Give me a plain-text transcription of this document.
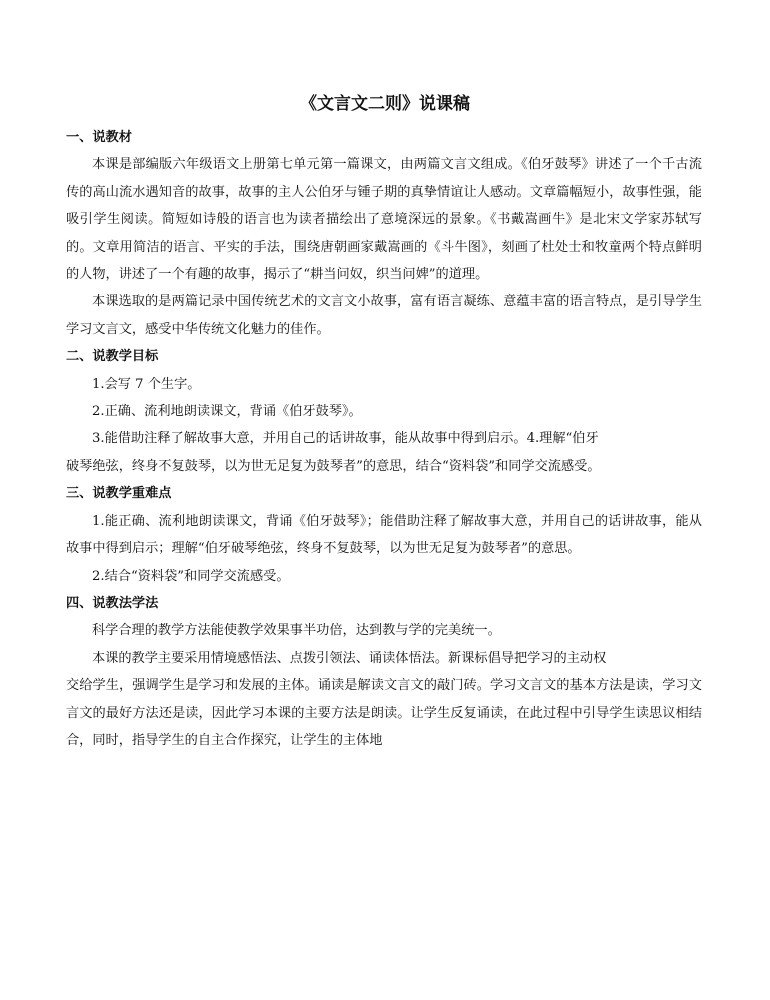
《文言文二则》说课稿

一、说教材

本课是部编版六年级语文上册第七单元第一篇课文，由两篇文言文组成。《伯牙鼓琴》讲述了一个千古流传的高山流水遇知音的故事，故事的主人公伯牙与锺子期的真挚情谊让人感动。文章篇幅短小，故事性强，能吸引学生阅读。简短如诗般的语言也为读者描绘出了意境深远的景象。《书戴嵩画牛》是北宋文学家苏轼写的。文章用简洁的语言、平实的手法，围绕唐朝画家戴嵩画的《斗牛图》，刻画了杜处士和牧童两个特点鲜明的人物，讲述了一个有趣的故事，揭示了“耕当问奴，织当问婢”的道理。

本课选取的是两篇记录中国传统艺术的文言文小故事，富有语言凝练、意蕴丰富的语言特点，是引导学生学习文言文，感受中华传统文化魅力的佳作。

二、说教学目标

1.会写 7 个生字。

2.正确、流利地朗读课文，背诵《伯牙鼓琴》。

3.能借助注释了解故事大意，并用自己的话讲故事，能从故事中得到启示。4.理解“伯牙

破琴绝弦，终身不复鼓琴，以为世无足复为鼓琴者”的意思，结合“资料袋”和同学交流感受。

三、说教学重难点

1.能正确、流利地朗读课文，背诵《伯牙鼓琴》；能借助注释了解故事大意，并用自己的话讲故事，能从故事中得到启示；理解“伯牙破琴绝弦，终身不复鼓琴，以为世无足复为鼓琴者”的意思。

2.结合“资料袋”和同学交流感受。

四、说教法学法

科学合理的教学方法能使教学效果事半功倍，达到教与学的完美统一。

本课的教学主要采用情境感悟法、点拨引领法、诵读体悟法。新课标倡导把学习的主动权

交给学生，强调学生是学习和发展的主体。诵读是解读文言文的敲门砖。学习文言文的基本方法是读，学习文言文的最好方法还是读，因此学习本课的主要方法是朗读。让学生反复诵读，在此过程中引导学生读思议相结合，同时，指导学生的自主合作探究，让学生的主体地
